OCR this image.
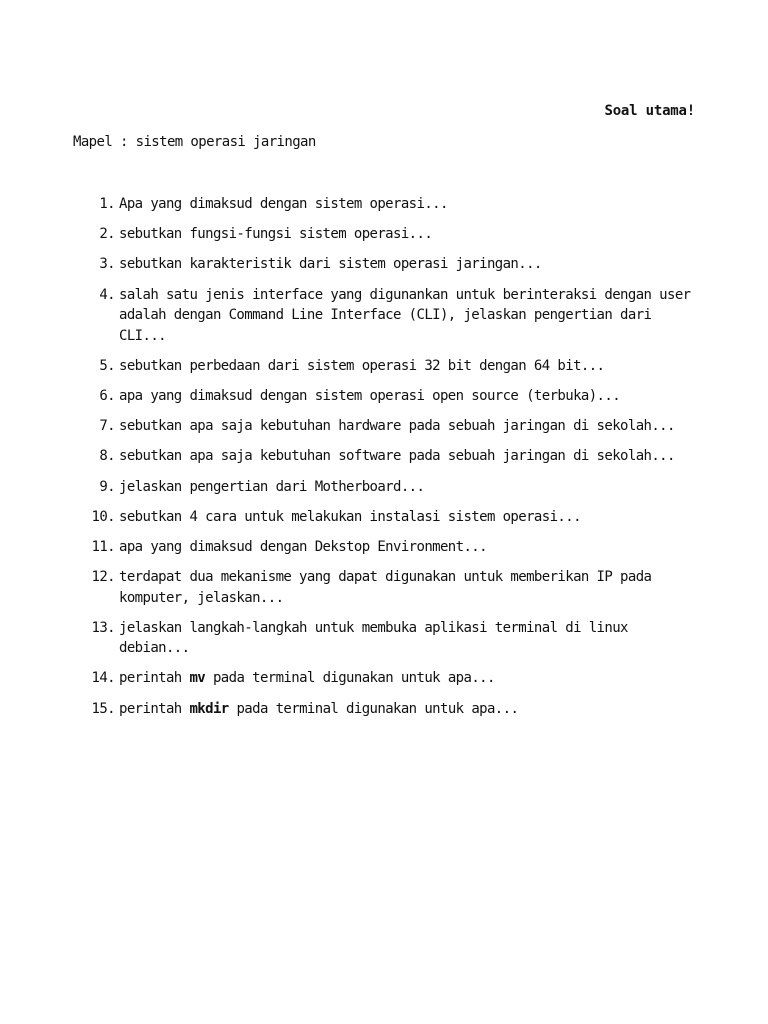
Soal utama!
Mapel : sistem operasi jaringan
1. Apa yang dimaksud dengan sistem operasi...
2. sebutkan fungsi-fungsi sistem operasi...
3. sebutkan karakteristik dari sistem operasi jaringan...
4. salah satu jenis interface yang digunankan untuk berinteraksi dengan user adalah dengan Command Line Interface (CLI), jelaskan pengertian dari CLI...
5. sebutkan perbedaan dari sistem operasi 32 bit dengan 64 bit...
6. apa yang dimaksud dengan sistem operasi open source (terbuka)...
7. sebutkan apa saja kebutuhan hardware pada sebuah jaringan di sekolah...
8. sebutkan apa saja kebutuhan software pada sebuah jaringan di sekolah...
9. jelaskan pengertian dari Motherboard...
10. sebutkan 4 cara untuk melakukan instalasi sistem operasi...
11. apa yang dimaksud dengan Dekstop Environment...
12. terdapat dua mekanisme yang dapat digunakan untuk memberikan IP pada komputer, jelaskan...
13. jelaskan langkah-langkah untuk membuka aplikasi terminal di linux debian...
14. perintah mv pada terminal digunakan untuk apa...
15. perintah mkdir pada terminal digunakan untuk apa...
